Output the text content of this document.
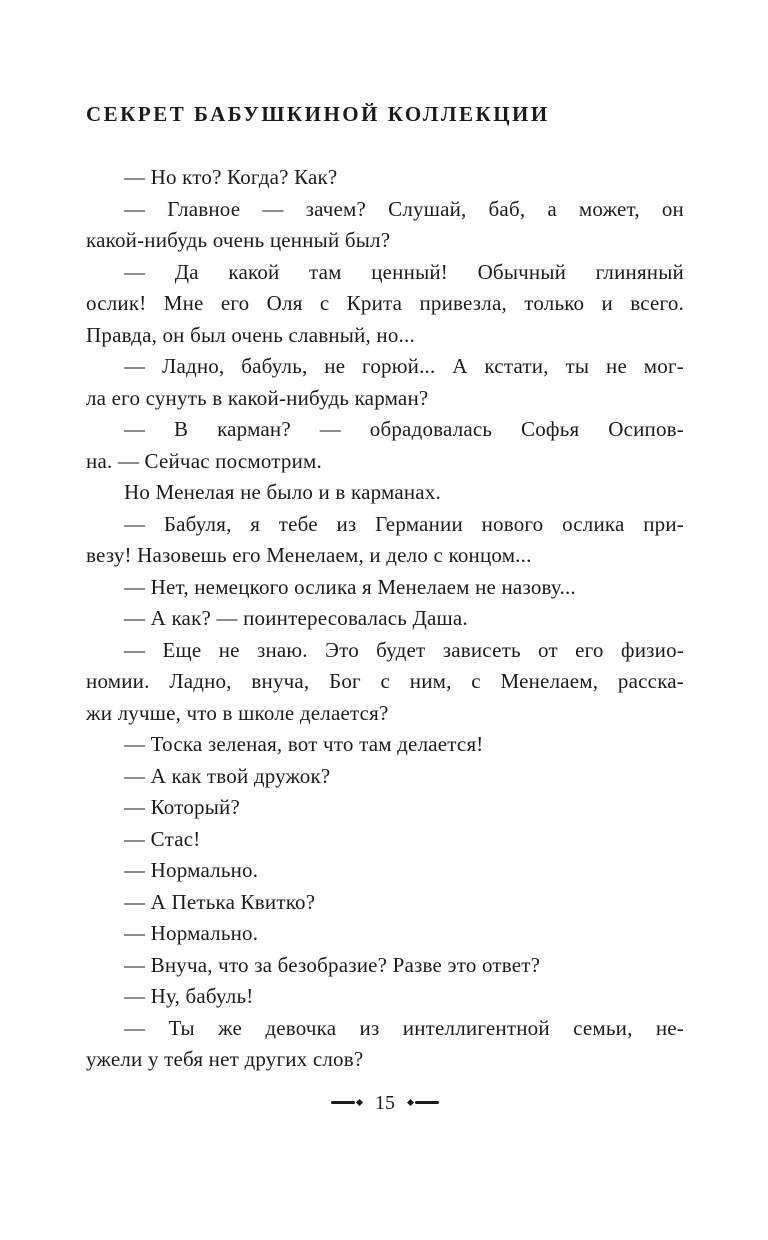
СЕКРЕТ БАБУШКИНОЙ КОЛЛЕКЦИИ
— Но кто? Когда? Как?
— Главное — зачем? Слушай, баб, а может, он
какой-нибудь очень ценный был?
— Да какой там ценный! Обычный глиняный
ослик! Мне его Оля с Крита привезла, только и всего.
Правда, он был очень славный, но...
— Ладно, бабуль, не горюй... А кстати, ты не мог-
ла его сунуть в какой-нибудь карман?
— В карман? — обрадовалась Софья Осипов-
на. — Сейчас посмотрим.
Но Менелая не было и в карманах.
— Бабуля, я тебе из Германии нового ослика при-
везу! Назовешь его Менелаем, и дело с концом...
— Нет, немецкого ослика я Менелаем не назову...
— А как? — поинтересовалась Даша.
— Еще не знаю. Это будет зависеть от его физио-
номии. Ладно, внуча, Бог с ним, с Менелаем, расска-
жи лучше, что в школе делается?
— Тоска зеленая, вот что там делается!
— А как твой дружок?
— Который?
— Стас!
— Нормально.
— А Петька Квитко?
— Нормально.
— Внуча, что за безобразие? Разве это ответ?
— Ну, бабуль!
— Ты же девочка из интеллигентной семьи, не-
ужели у тебя нет других слов?
15
